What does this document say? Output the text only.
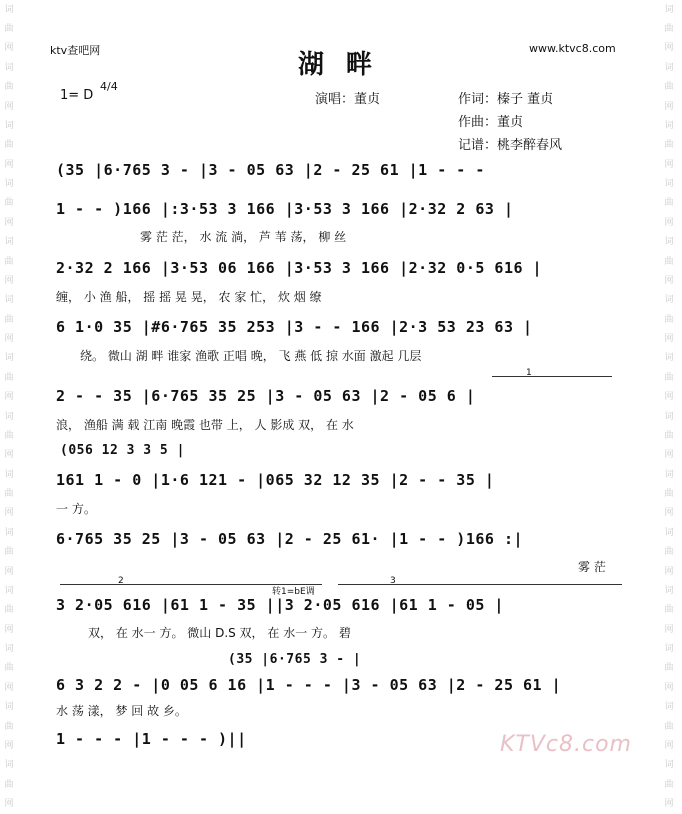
词
曲
网
词
曲
网
词
曲
网
词
曲
网
词
曲
网
词
曲
网
词
曲
网
词
曲
网
词
曲
网
词
曲
网
词
曲
网
词
曲
网
词
曲
网
词
曲
网
词
曲
网
词
曲
网
词
曲
网
词
曲
网
词
曲
网
词
曲
网
词
曲
网
词
曲
网
词
曲
网
词
曲
网
词
曲
网
词
曲
网
词
曲
网
词
曲
网
ktv查吧网	www.ktvc8.com
湖畔
1= D
4/4
演唱：董贞	作词：榛子 董贞
作曲：董贞
记谱：桃李醉春风
(35 |6·765 3 - |3 - 05 63 |2 - 25 61 |1 - - -
1 - - )166 |:3·53 3 166 |3·53 3 166 |2·32 2 63 |
雾 茫 茫， 水 流 淌， 芦 苇 荡， 柳 丝
2·32 2 166 |3·53 06 166 |3·53 3 166 |2·32 0·5 616 |
缠， 小 渔 船， 摇 摇 晃 晃， 农 家 忙， 炊 烟 缭
6 1·0 35 |#6·765 35 253 |3 - - 166 |2·3 53 23 63 |
绕。 微山 湖 畔 谁家 渔歌 正唱 晚， 飞 燕 低 掠 水面 激起 几层
1
2 - - 35 |6·765 35 25 |3 - 05 63 |2 - 05 6 |
浪， 渔船 满 载 江南 晚霞 也带 上， 人 影成 双， 在 水
(056 12 3 3 5 |
161 1 - 0 |1·6 121 - |065 32 12 35 |2 - - 35 |
一 方。
6·765 35 25 |3 - 05 63 |2 - 25 61· |1 - - )166 :|
雾 茫
2	3
转1=bE调
3 2·05 616 |61 1 - 35 ||3 2·05 616 |61 1 - 05 |
双， 在 水一 方。 微山 D.S 双， 在 水一 方。 碧
(35 |6·765 3 - |
6 3 2 2 - |0 05 6 16 |1 - - - |3 - 05 63 |2 - 25 61 |
水 荡 漾， 梦 回 故 乡。
1 - - - |1 - - - )||	KTVc8.com
